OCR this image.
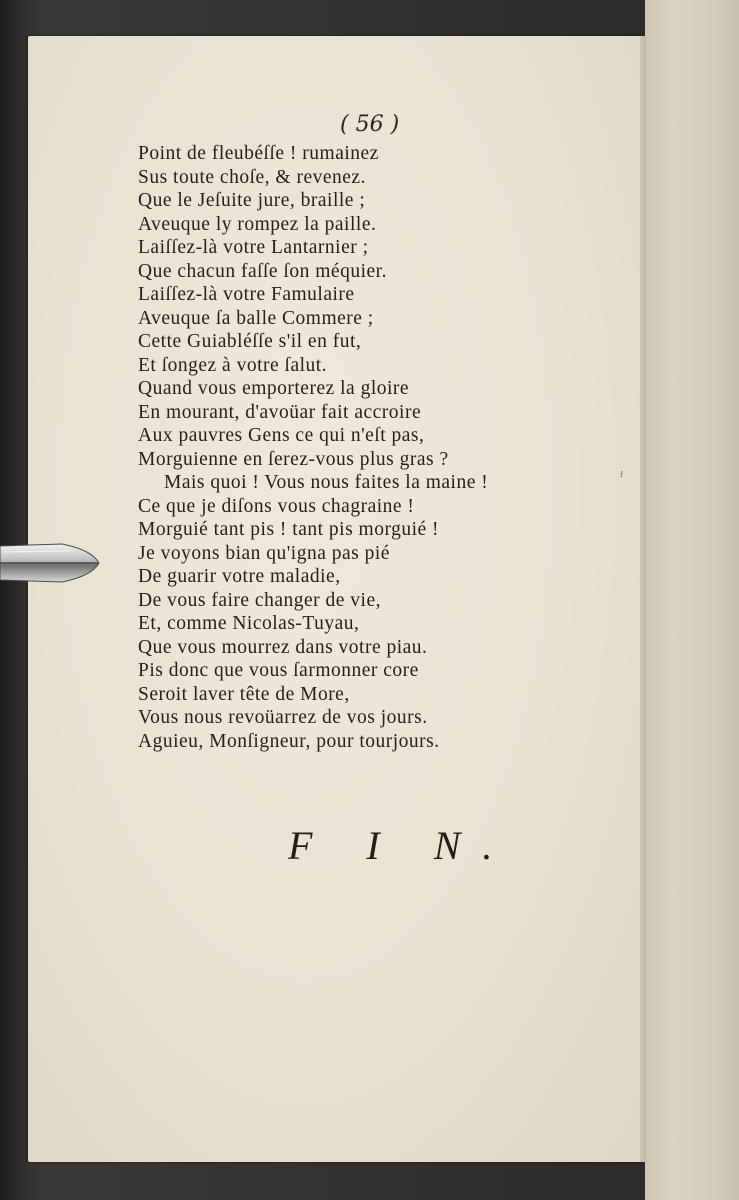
( 56 )
Point de fleubéſſe ! rumainez
Sus toute choſe, & revenez.
Que le Jeſuite jure, braille ;
Aveuque ly rompez la paille.
Laiſſez-là votre Lantarnier ;
Que chacun faſſe ſon méquier.
Laiſſez-là votre Famulaire
Aveuque ſa balle Commere ;
Cette Guiabléſſe s'il en fut,
Et ſongez à votre ſalut.
Quand vous emporterez la gloire
En mourant, d'avoüar fait accroire
Aux pauvres Gens ce qui n'eſt pas,
Morguienne en ſerez-vous plus gras ?
Mais quoi ! Vous nous faites la maine !
Ce que je diſons vous chagraine !
Morguié tant pis ! tant pis morguié !
Je voyons bian qu'igna pas pié
De guarir votre maladie,
De vous faire changer de vie,
Et, comme Nicolas-Tuyau,
Que vous mourrez dans votre piau.
Pis donc que vous ſarmonner core
Seroit laver tête de More,
Vous nous revoüarrez de vos jours.
Aguieu, Monſigneur, pour tourjours.
F I N.
ᶠ
